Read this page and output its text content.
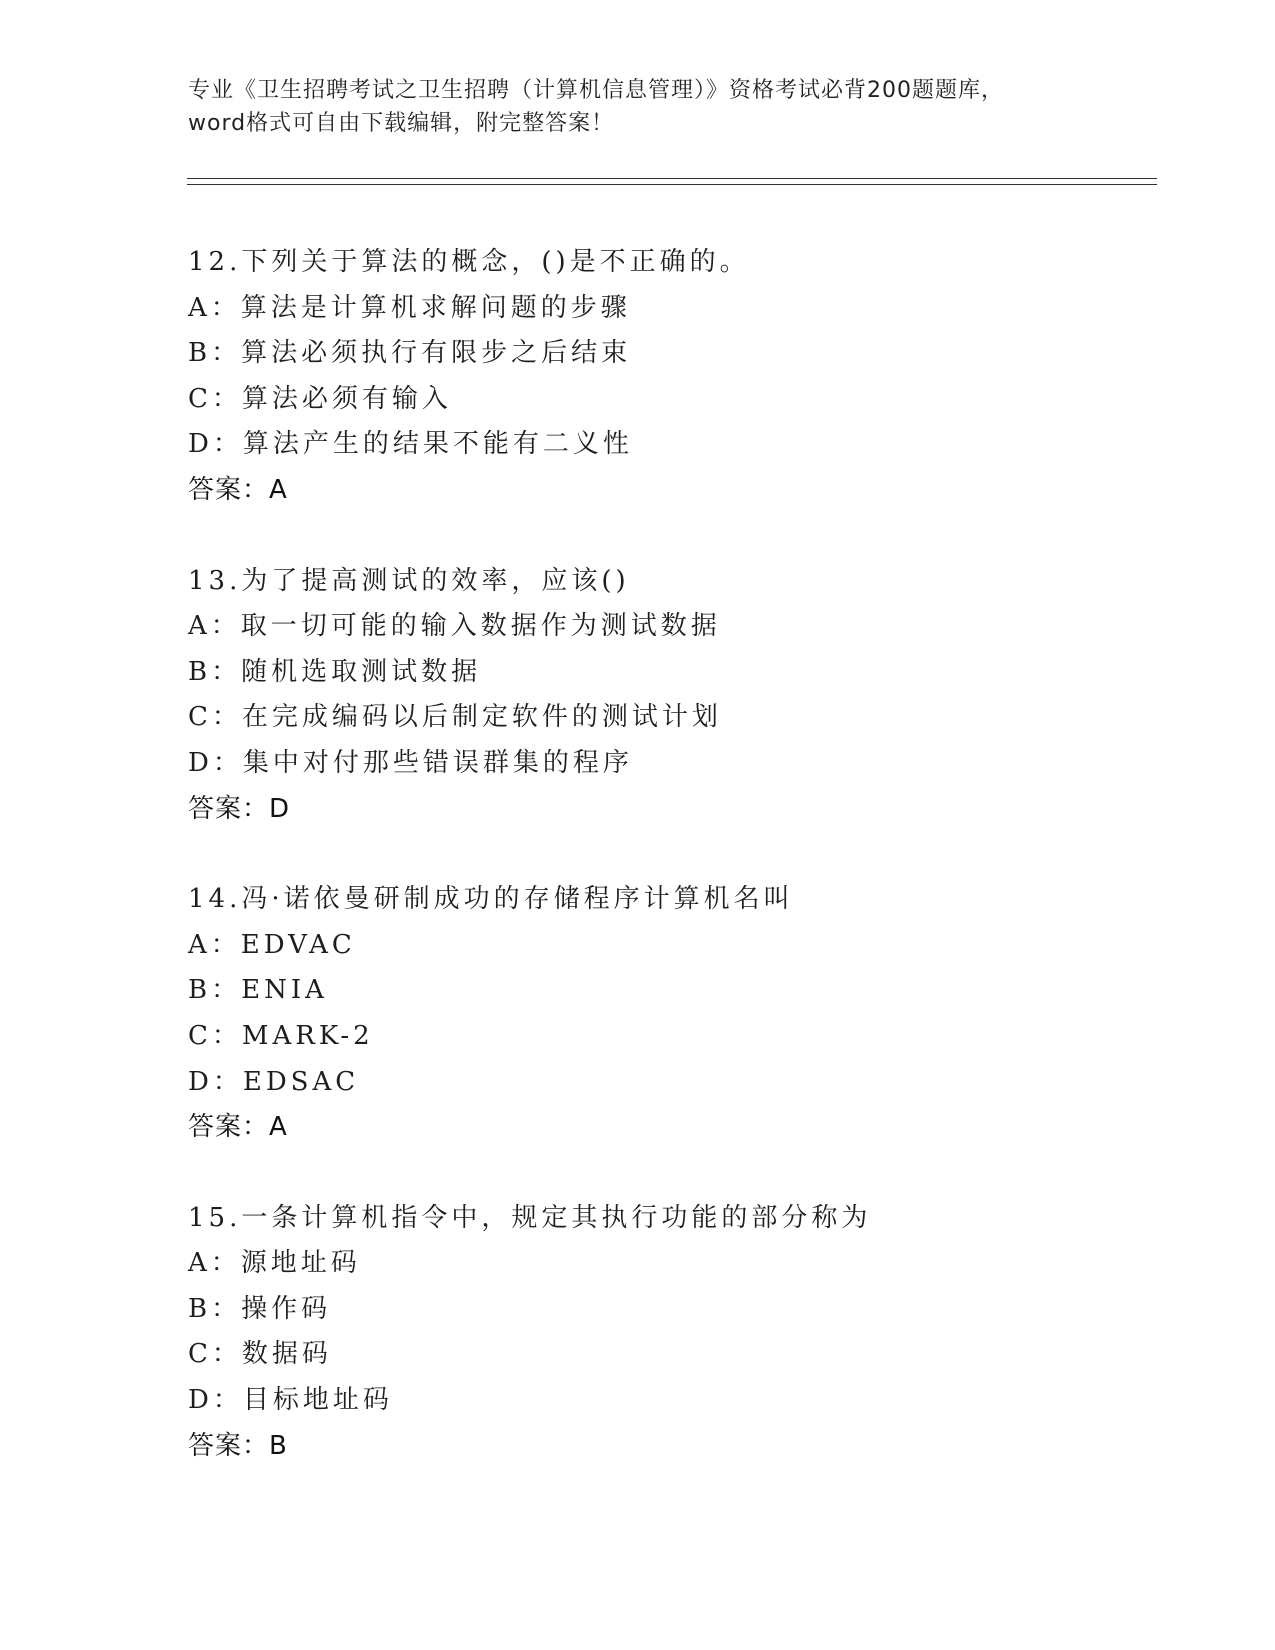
专业《卫生招聘考试之卫生招聘（计算机信息管理）》资格考试必背200题题库，
word格式可自由下载编辑，附完整答案！
12.下列关于算法的概念，()是不正确的。
A：算法是计算机求解问题的步骤
B：算法必须执行有限步之后结束
C：算法必须有输入
D：算法产生的结果不能有二义性
答案：A
13.为了提高测试的效率，应该()
A：取一切可能的输入数据作为测试数据
B：随机选取测试数据
C：在完成编码以后制定软件的测试计划
D：集中对付那些错误群集的程序
答案：D
14.冯·诺依曼研制成功的存储程序计算机名叫
A：EDVAC
B：ENIA
C：MARK-2
D：EDSAC
答案：A
15.一条计算机指令中，规定其执行功能的部分称为
A：源地址码
B：操作码
C：数据码
D：目标地址码
答案：B
